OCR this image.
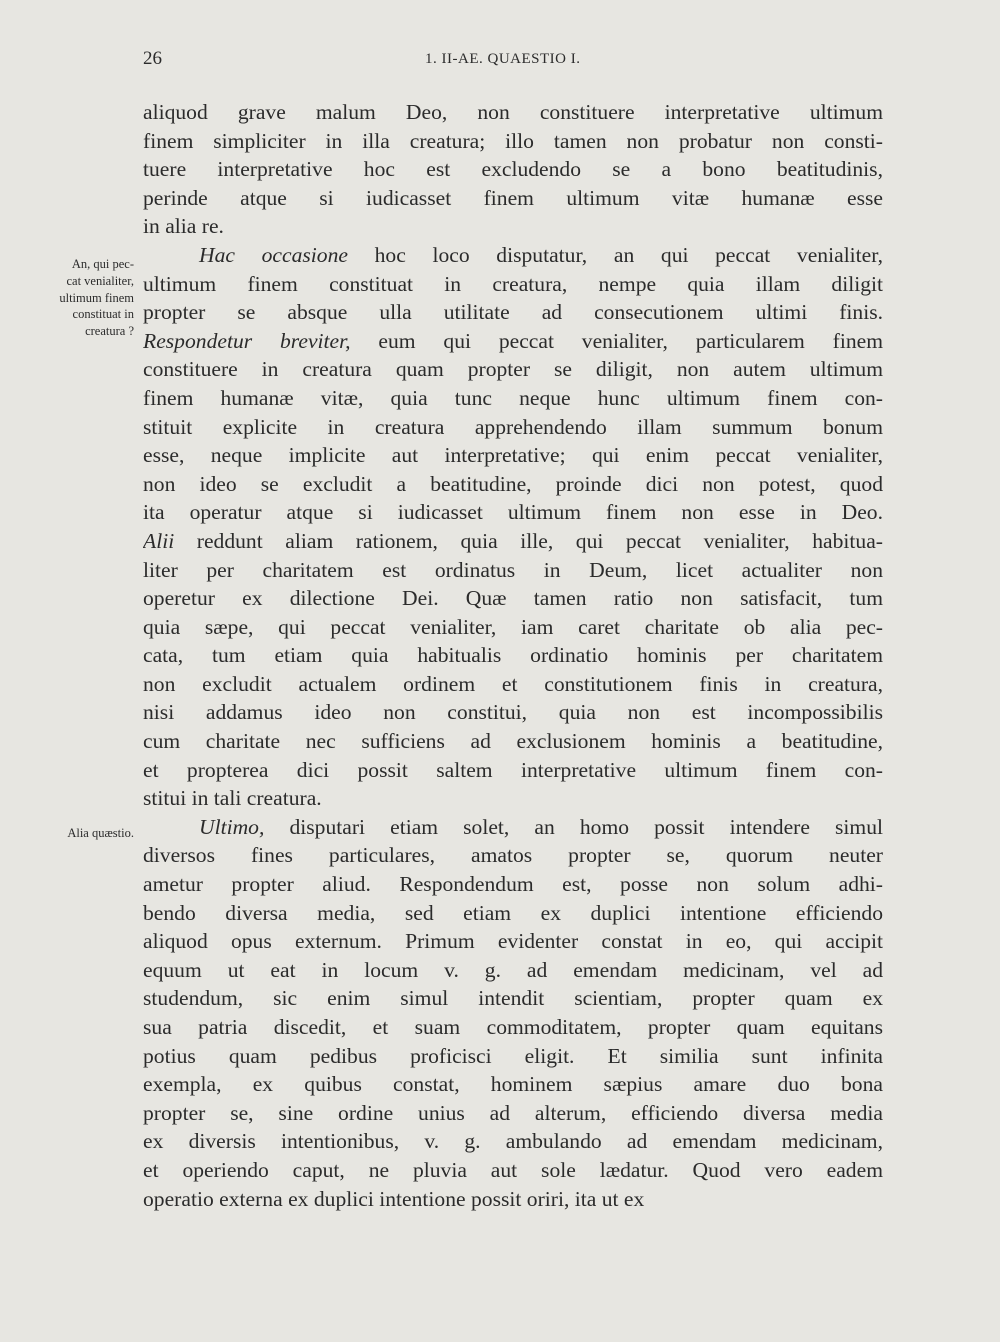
26	1. II-AE. QUAESTIO I.
An, qui pec-
cat venialiter,
ultimum finem
constituat in
creatura ?
Alia quæstio.
aliquod grave malum Deo, non constituere interpretative ultimum
finem simpliciter in illa creatura; illo tamen non probatur non consti-
tuere interpretative hoc est excludendo se a bono beatitudinis,
perinde atque si iudicasset finem ultimum vitæ humanæ esse
in alia re.
Hac occasione hoc loco disputatur, an qui peccat venialiter,
ultimum finem constituat in creatura, nempe quia illam diligit
propter se absque ulla utilitate ad consecutionem ultimi finis.
Respondetur breviter, eum qui peccat venialiter, particularem finem
constituere in creatura quam propter se diligit, non autem ultimum
finem humanæ vitæ, quia tunc neque hunc ultimum finem con-
stituit explicite in creatura apprehendendo illam summum bonum
esse, neque implicite aut interpretative; qui enim peccat venialiter,
non ideo se excludit a beatitudine, proinde dici non potest, quod
ita operatur atque si iudicasset ultimum finem non esse in Deo.
Alii reddunt aliam rationem, quia ille, qui peccat venialiter, habitua-
liter per charitatem est ordinatus in Deum, licet actualiter non
operetur ex dilectione Dei. Quæ tamen ratio non satisfacit, tum
quia sæpe, qui peccat venialiter, iam caret charitate ob alia pec-
cata, tum etiam quia habitualis ordinatio hominis per charitatem
non excludit actualem ordinem et constitutionem finis in creatura,
nisi addamus ideo non constitui, quia non est incompossibilis
cum charitate nec sufficiens ad exclusionem hominis a beatitudine,
et propterea dici possit saltem interpretative ultimum finem con-
stitui in tali creatura.
Ultimo, disputari etiam solet, an homo possit intendere simul
diversos fines particulares, amatos propter se, quorum neuter
ametur propter aliud. Respondendum est, posse non solum adhi-
bendo diversa media, sed etiam ex duplici intentione efficiendo
aliquod opus externum. Primum evidenter constat in eo, qui accipit
equum ut eat in locum v. g. ad emendam medicinam, vel ad
studendum, sic enim simul intendit scientiam, propter quam ex
sua patria discedit, et suam commoditatem, propter quam equitans
potius quam pedibus proficisci eligit. Et similia sunt infinita
exempla, ex quibus constat, hominem sæpius amare duo bona
propter se, sine ordine unius ad alterum, efficiendo diversa media
ex diversis intentionibus, v. g. ambulando ad emendam medicinam,
et operiendo caput, ne pluvia aut sole lædatur. Quod vero eadem
operatio externa ex duplici intentione possit oriri, ita ut ex
